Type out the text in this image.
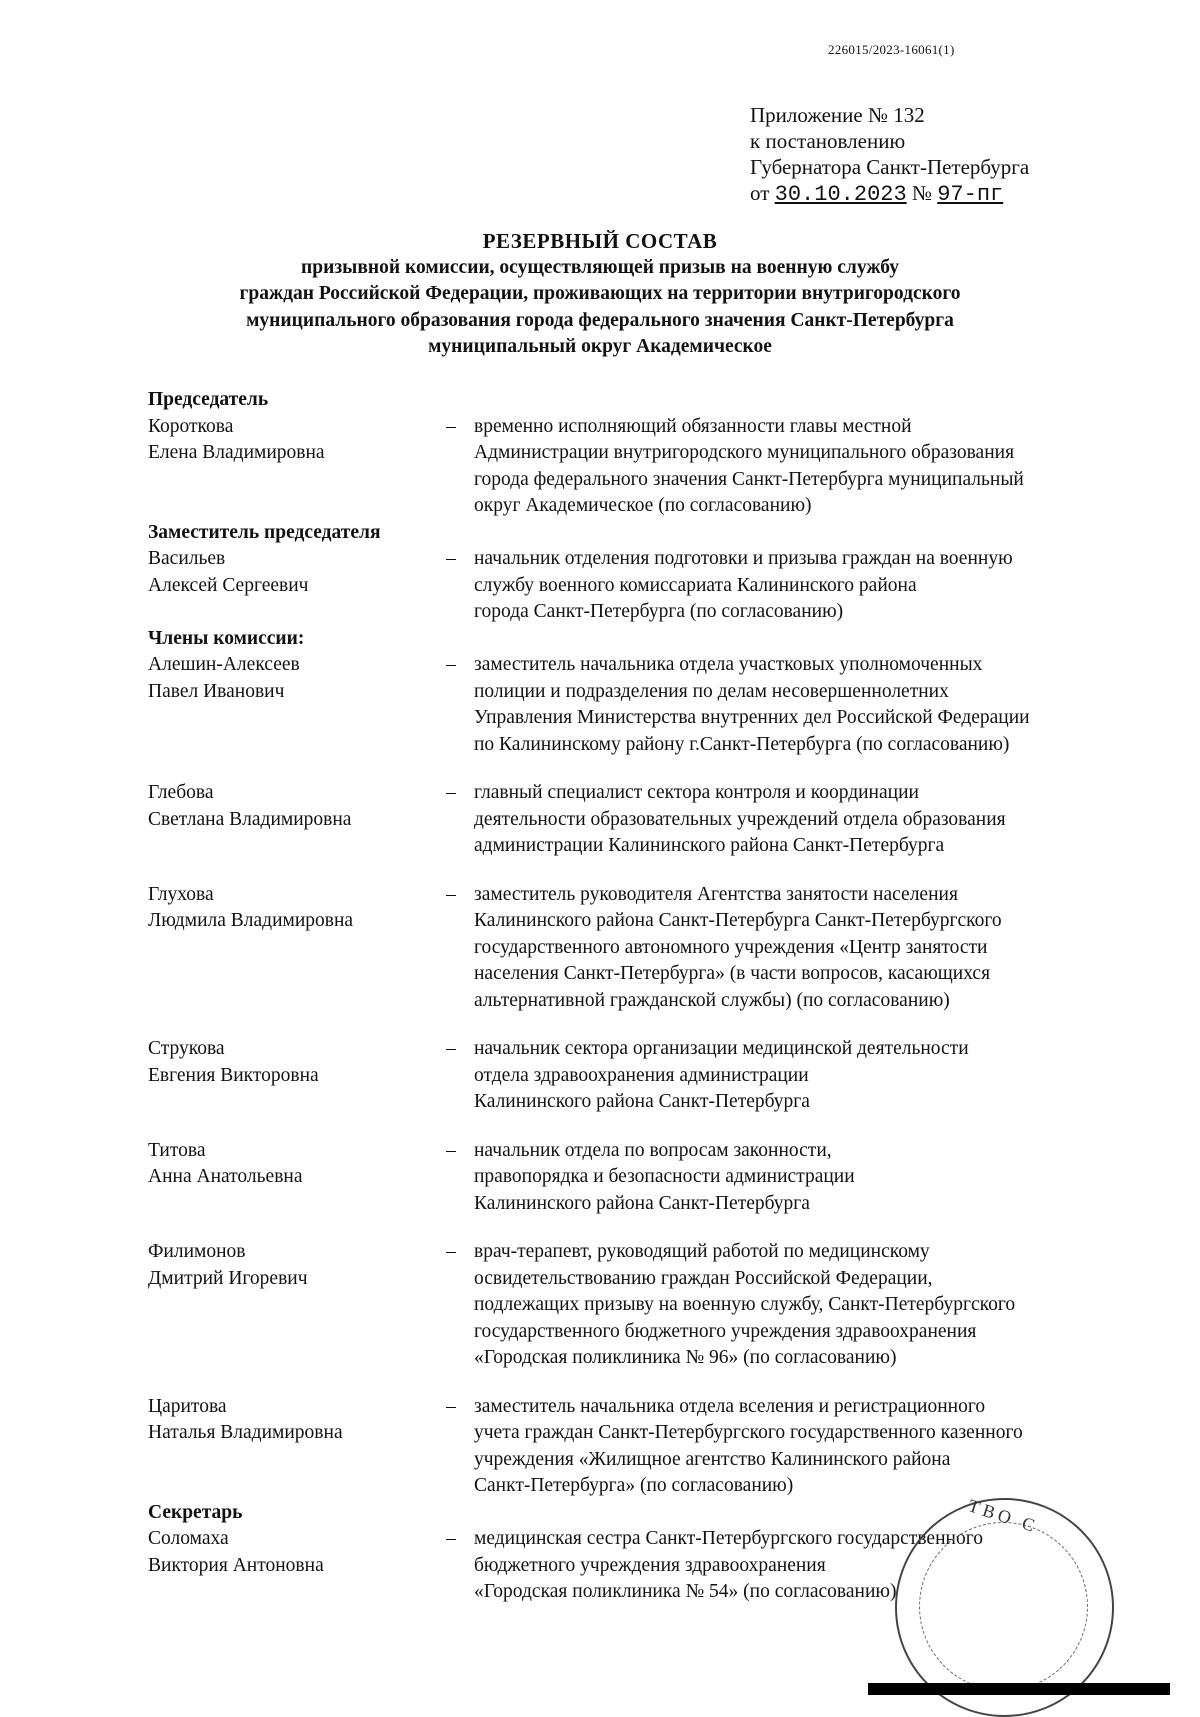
226015/2023-16061(1)
Приложение № 132
к постановлению
Губернатора Санкт-Петербурга
от 30.10.2023 № 97-пг
РЕЗЕРВНЫЙ СОСТАВ
призывной комиссии, осуществляющей призыв на военную службу
граждан Российской Федерации, проживающих на территории внутригородского
муниципального образования города федерального значения Санкт-Петербурга
муниципальный округ Академическое
Председатель
Короткова
Елена Владимировна
– временно исполняющий обязанности главы местной
Администрации внутригородского муниципального образования
города федерального значения Санкт-Петербурга муниципальный
округ Академическое (по согласованию)
Заместитель председателя
Васильев
Алексей Сергеевич
– начальник отделения подготовки и призыва граждан на военную
службу военного комиссариата Калининского района
города Санкт-Петербурга (по согласованию)
Члены комиссии:
Алешин-Алексеев
Павел Иванович
– заместитель начальника отдела участковых уполномоченных
полиции и подразделения по делам несовершеннолетних
Управления Министерства внутренних дел Российской Федерации
по Калининскому району г.Санкт-Петербурга (по согласованию)
Глебова
Светлана Владимировна
– главный специалист сектора контроля и координации
деятельности образовательных учреждений отдела образования
администрации Калининского района Санкт-Петербурга
Глухова
Людмила Владимировна
– заместитель руководителя Агентства занятости населения
Калининского района Санкт-Петербурга Санкт-Петербургского
государственного автономного учреждения «Центр занятости
населения Санкт-Петербурга» (в части вопросов, касающихся
альтернативной гражданской службы) (по согласованию)
Струкова
Евгения Викторовна
– начальник сектора организации медицинской деятельности
отдела здравоохранения администрации
Калининского района Санкт-Петербурга
Титова
Анна Анатольевна
– начальник отдела по вопросам законности,
правопорядка и безопасности администрации
Калининского района Санкт-Петербурга
Филимонов
Дмитрий Игоревич
– врач-терапевт, руководящий работой по медицинскому
освидетельствованию граждан Российской Федерации,
подлежащих призыву на военную службу, Санкт-Петербургского
государственного бюджетного учреждения здравоохранения
«Городская поликлиника № 96» (по согласованию)
Царитова
Наталья Владимировна
– заместитель начальника отдела вселения и регистрационного
учета граждан Санкт-Петербургского государственного казенного
учреждения «Жилищное агентство Калининского района
Санкт-Петербурга» (по согласованию)
Секретарь
Соломаха
Виктория Антоновна
– медицинская сестра Санкт-Петербургского государственного
бюджетного учреждения здравоохранения
«Городская поликлиника № 54» (по согласованию)
ТВО С
